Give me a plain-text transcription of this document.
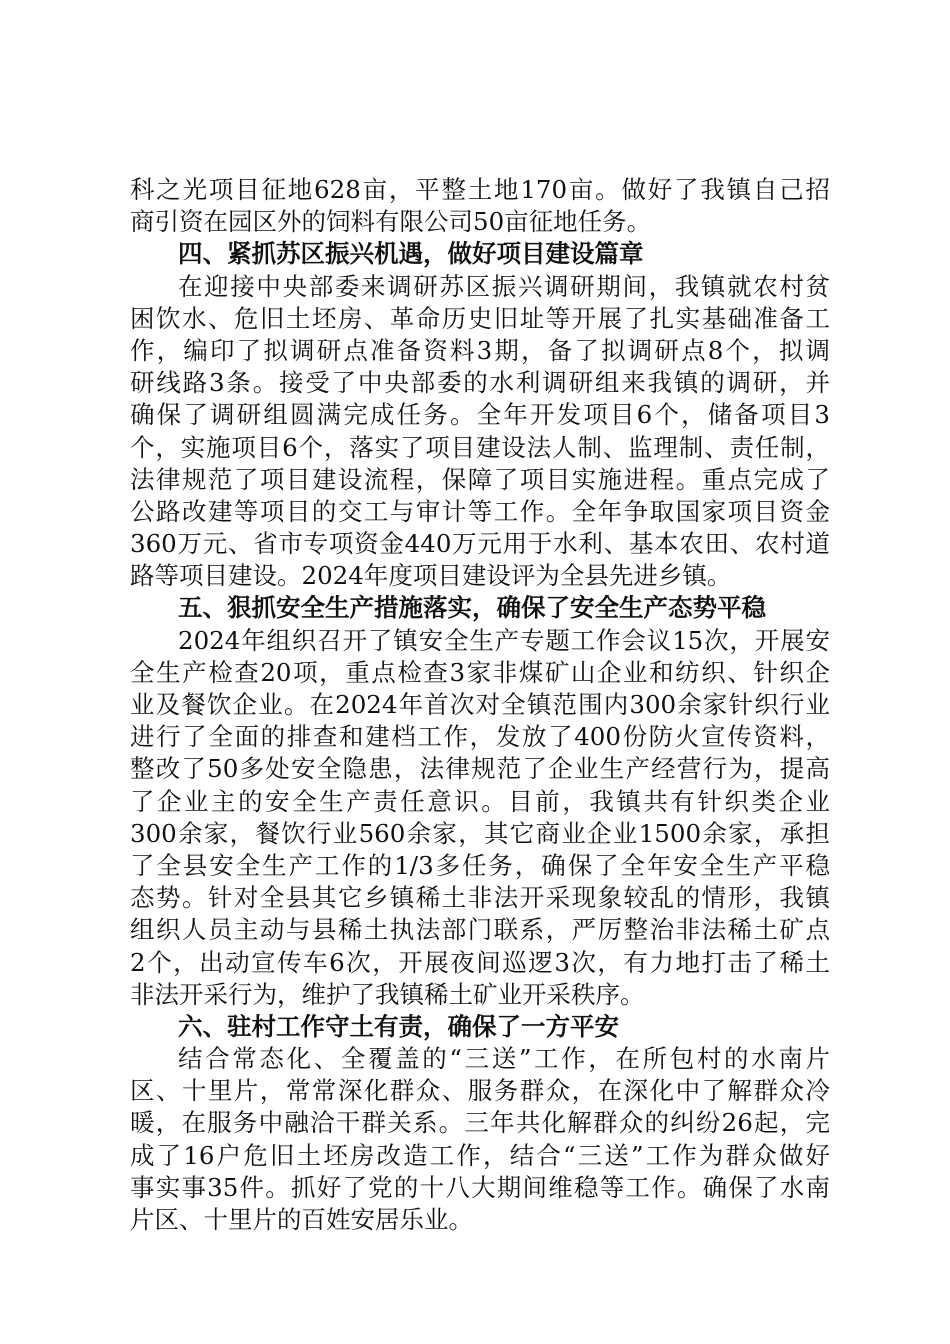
科之光项目征地628亩，平整土地170亩。做好了我镇自己招
商引资在园区外的饲料有限公司50亩征地任务。
四、紧抓苏区振兴机遇，做好项目建设篇章
在迎接中央部委来调研苏区振兴调研期间，我镇就农村贫
困饮水、危旧土坯房、革命历史旧址等开展了扎实基础准备工
作，编印了拟调研点准备资料3期，备了拟调研点8个，拟调
研线路3条。接受了中央部委的水利调研组来我镇的调研，并
确保了调研组圆满完成任务。全年开发项目6个，储备项目3
个，实施项目6个，落实了项目建设法人制、监理制、责任制，
法律规范了项目建设流程，保障了项目实施进程。重点完成了
公路改建等项目的交工与审计等工作。全年争取国家项目资金
360万元、省市专项资金440万元用于水利、基本农田、农村道
路等项目建设。2024年度项目建设评为全县先进乡镇。
五、狠抓安全生产措施落实，确保了安全生产态势平稳
2024年组织召开了镇安全生产专题工作会议15次，开展安
全生产检查20项，重点检查3家非煤矿山企业和纺织、针织企
业及餐饮企业。在2024年首次对全镇范围内300余家针织行业
进行了全面的排查和建档工作，发放了400份防火宣传资料，
整改了50多处安全隐患，法律规范了企业生产经营行为，提高
了企业主的安全生产责任意识。目前，我镇共有针织类企业
300余家，餐饮行业560余家，其它商业企业1500余家，承担
了全县安全生产工作的1/3多任务，确保了全年安全生产平稳
态势。针对全县其它乡镇稀土非法开采现象较乱的情形，我镇
组织人员主动与县稀土执法部门联系，严厉整治非法稀土矿点
2个，出动宣传车6次，开展夜间巡逻3次，有力地打击了稀土
非法开采行为，维护了我镇稀土矿业开采秩序。
六、驻村工作守土有责，确保了一方平安
结合常态化、全覆盖的“三送”工作，在所包村的水南片
区、十里片，常常深化群众、服务群众，在深化中了解群众冷
暖，在服务中融洽干群关系。三年共化解群众的纠纷26起，完
成了16户危旧土坯房改造工作，结合“三送”工作为群众做好
事实事35件。抓好了党的十八大期间维稳等工作。确保了水南
片区、十里片的百姓安居乐业。
